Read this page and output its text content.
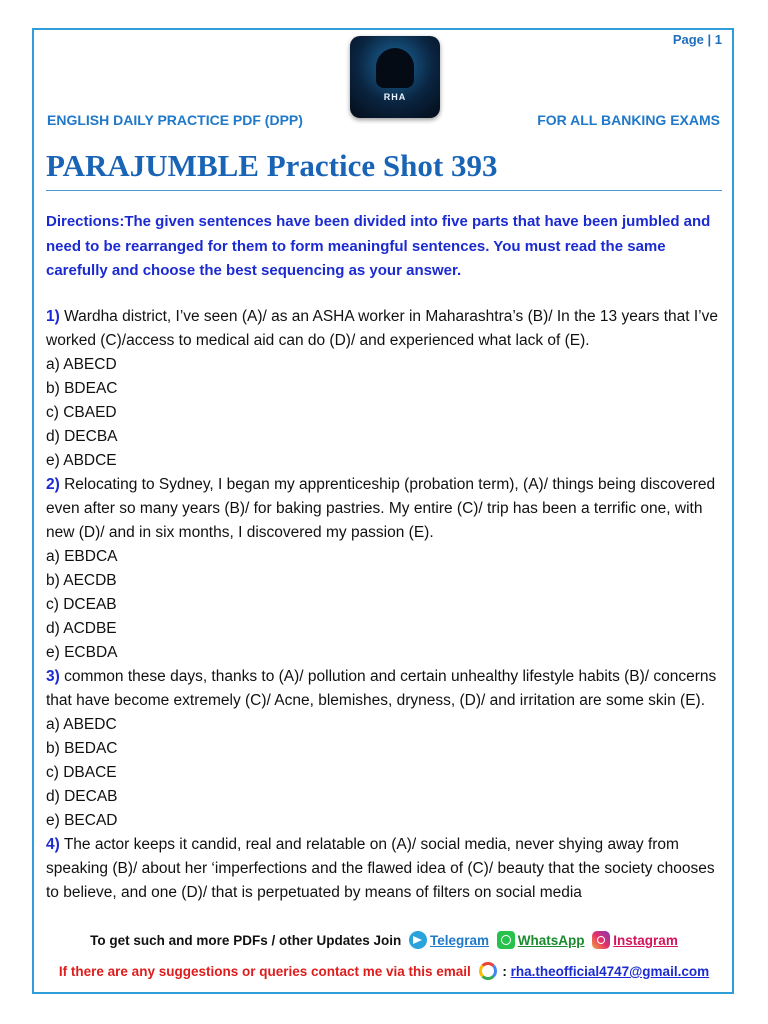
Page | 1
RHA
ENGLISH DAILY PRACTICE PDF (DPP)	FOR ALL BANKING EXAMS
PARAJUMBLE Practice Shot 393
Directions:The given sentences have been divided into five parts that have been jumbled and need to be rearranged for them to form meaningful sentences. You must read the same carefully and choose the best sequencing as your answer.

1) Wardha district, I’ve seen (A)/ as an ASHA worker in Maharashtra’s (B)/ In the 13 years that I’ve worked (C)/access to medical aid can do (D)/ and experienced what lack of (E).

a) ABECD

b) BDEAC

c) CBAED

d) DECBA

e) ABDCE

2) Relocating to Sydney, I began my apprenticeship (probation term), (A)/ things being discovered even after so many years (B)/ for baking pastries. My entire (C)/ trip has been a terrific one, with new (D)/ and in six months, I discovered my passion (E).

a) EBDCA

b) AECDB

c) DCEAB

d) ACDBE

e) ECBDA

3) common these days, thanks to (A)/ pollution and certain unhealthy lifestyle habits (B)/ concerns that have become extremely (C)/ Acne, blemishes, dryness, (D)/ and irritation are some skin (E).

a) ABEDC

b) BEDAC

c) DBACE

d) DECAB

e) BECAD

4) The actor keeps it candid, real and relatable on (A)/ social media, never shying away from speaking (B)/ about her ‘imperfections and the flawed idea of (C)/ beauty that the society chooses to believe, and one (D)/ that is perpetuated by means of filters on social media

To get such and more PDFs / other Updates Join Telegram WhatsApp Instagram
If there are any suggestions or queries contact me via this email : rha.theofficial4747@gmail.com
